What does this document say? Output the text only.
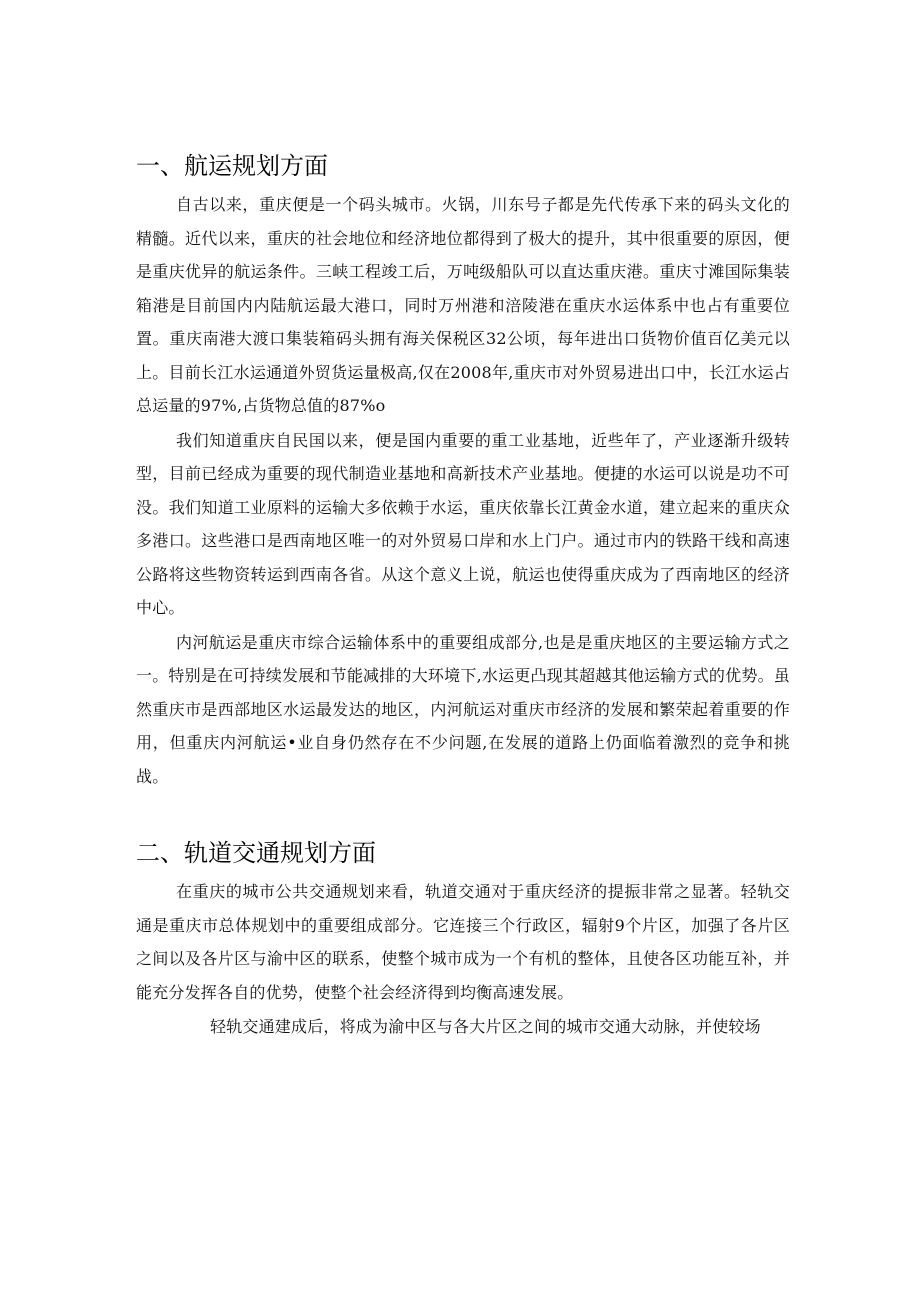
一、航运规划方面

自古以来，重庆便是一个码头城市。火锅，川东号子都是先代传承下来的码头文化的精髓。近代以来，重庆的社会地位和经济地位都得到了极大的提升，其中很重要的原因，便是重庆优异的航运条件。三峡工程竣工后，万吨级船队可以直达重庆港。重庆寸滩国际集装箱港是目前国内内陆航运最大港口，同时万州港和涪陵港在重庆水运体系中也占有重要位置。重庆南港大渡口集装箱码头拥有海关保税区32公顷，每年进出口货物价值百亿美元以上。目前长江水运通道外贸货运量极高,仅在2008年,重庆市对外贸易进出口中，长江水运占总运量的97%,占货物总值的87%o

我们知道重庆自民国以来，便是国内重要的重工业基地，近些年了，产业逐渐升级转型，目前已经成为重要的现代制造业基地和高新技术产业基地。便捷的水运可以说是功不可没。我们知道工业原料的运输大多依赖于水运，重庆依靠长江黄金水道，建立起来的重庆众多港口。这些港口是西南地区唯一的对外贸易口岸和水上门户。通过市内的铁路干线和高速公路将这些物资转运到西南各省。从这个意义上说，航运也使得重庆成为了西南地区的经济中心。

内河航运是重庆市综合运输体系中的重要组成部分,也是是重庆地区的主要运输方式之一。特别是在可持续发展和节能减排的大环境下,水运更凸现其超越其他运输方式的优势。虽然重庆市是西部地区水运最发达的地区，内河航运对重庆市经济的发展和繁荣起着重要的作用，但重庆内河航运•业自身仍然存在不少问题,在发展的道路上仍面临着激烈的竞争和挑战。

二、轨道交通规划方面

在重庆的城市公共交通规划来看，轨道交通对于重庆经济的提振非常之显著。轻轨交通是重庆市总体规划中的重要组成部分。它连接三个行政区，辐射9个片区，加强了各片区之间以及各片区与渝中区的联系，使整个城市成为一个有机的整体，且使各区功能互补，并能充分发挥各自的优势，使整个社会经济得到均衡高速发展。

轻轨交通建成后，将成为渝中区与各大片区之间的城市交通大动脉，并使较场
